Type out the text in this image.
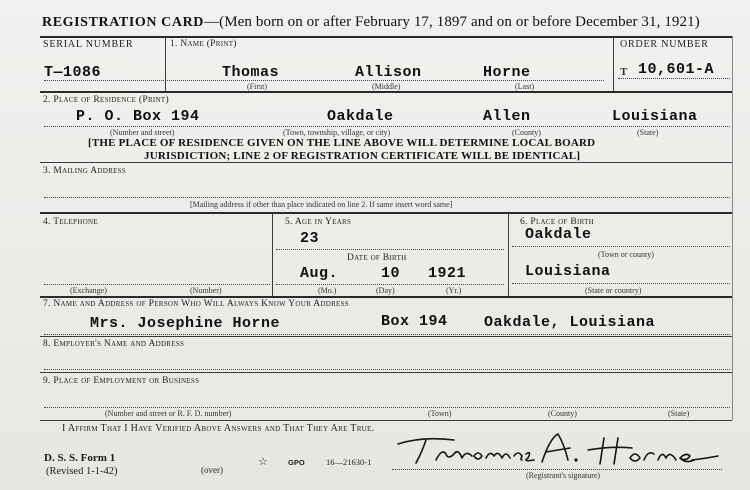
REGISTRATION CARD—(Men born on or after February 17, 1897 and on or before December 31, 1921)
SERIAL NUMBER
T—1086
1. Name (Print)
Thomas	Allison	Horne
(First)	(Middle)	(Last)
ORDER NUMBER
T 10,601-A
2. Place of Residence (Print)
P. O. Box 194	Oakdale	Allen	Louisiana
(Number and street)	(Town, township, village, or city)	(County)	(State)
[THE PLACE OF RESIDENCE GIVEN ON THE LINE ABOVE WILL DETERMINE LOCAL BOARD
JURISDICTION; LINE 2 OF REGISTRATION CERTIFICATE WILL BE IDENTICAL]
3. Mailing Address
[Mailing address if other than place indicated on line 2. If same insert word same]
4. Telephone
(Exchange)	(Number)
5. Age in Years
23
Date of Birth
Aug.	10 1921
(Mo.)	(Day)	(Yr.)
6. Place of Birth
Oakdale
(Town or county)
Louisiana
(State or country)
7. Name and Address of Person Who Will Always Know Your Address
Mrs. Josephine Horne	Box 194 Oakdale, Louisiana
8. Employer's Name and Address
9. Place of Employment or Business
(Number and street or R. F. D. number)	(Town)	(County)	(State)
I Affirm That I Have Verified Above Answers and That They Are True.
(Registrant's signature)
D. S. S. Form 1
(Revised 1-1-42)	(over)
☆	GPO	16—21630-1
